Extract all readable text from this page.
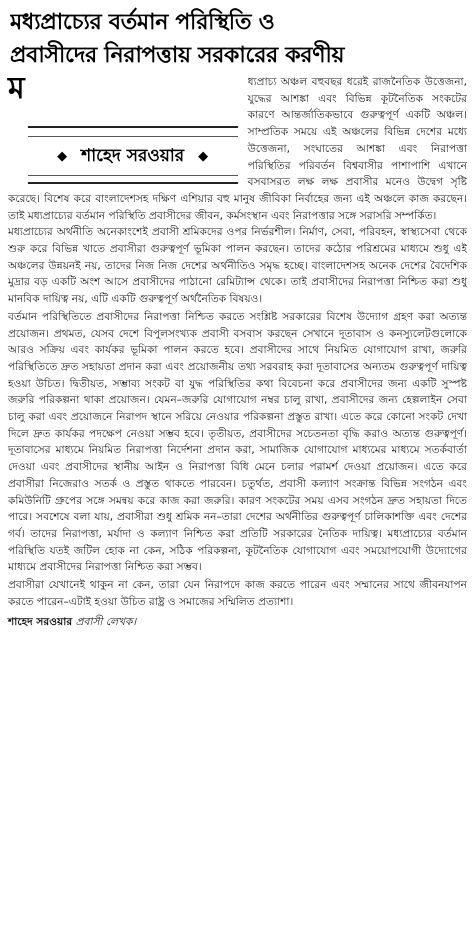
মধ্যপ্রাচ্যের বর্তমান পরিস্থিতি ও
প্রবাসীদের নিরাপত্তায় সরকারের করণীয়
ম
◆ শাহেদ সরওয়ার ◆
ধ্যপ্রাচ্য অঞ্চল বহুবছর ধরেই রাজনৈতিক উত্তেজনা, যুদ্ধের আশঙ্কা এবং বিভিন্ন কূটনৈতিক সংকটের কারণে আন্তর্জাতিকভাবে গুরুত্বপূর্ণ একটি অঞ্চল। সাম্প্রতিক সময়ে এই অঞ্চলের বিভিন্ন দেশের মধ্যে উত্তেজনা, সংঘাতের আশঙ্কা এবং নিরাপত্তা পরিস্থিতির পরিবর্তন বিশ্ববাসীর পাশাপাশি এখানে বসবাসরত লক্ষ লক্ষ প্রবাসীর মনেও উদ্বেগ সৃষ্টি করেছে। বিশেষ করে বাংলাদেশসহ দক্ষিণ এশিয়ার বহু মানুষ জীবিকা নির্বাহের জন্য এই অঞ্চলে কাজ করছেন। তাই মধ্যপ্রাচ্যের বর্তমান পরিস্থিতি প্রবাসীদের জীবন, কর্মসংস্থান এবং নিরাপত্তার সঙ্গে সরাসরি সম্পর্কিত।

মধ্যপ্রাচ্যের অর্থনীতি অনেকাংশেই প্রবাসী শ্রমিকদের ওপর নির্ভরশীল। নির্মাণ, সেবা, পরিবহন, স্বাস্থ্যসেবা থেকে শুরু করে বিভিন্ন খাতে প্রবাসীরা গুরুত্বপূর্ণ ভূমিকা পালন করছেন। তাদের কঠোর পরিশ্রমের মাধ্যমে শুধু এই অঞ্চলের উন্নয়নই নয়, তাদের নিজ নিজ দেশের অর্থনীতিও সমৃদ্ধ হচ্ছে। বাংলাদেশসহ অনেক দেশের বৈদেশিক মুদ্রার বড় একটি অংশ আসে প্রবাসীদের পাঠানো রেমিট্যান্স থেকে। তাই প্রবাসীদের নিরাপত্তা নিশ্চিত করা শুধু মানবিক দায়িত্ব নয়, এটি একটি গুরুত্বপূর্ণ অর্থনৈতিক বিষয়ও।

বর্তমান পরিস্থিতিতে প্রবাসীদের নিরাপত্তা নিশ্চিত করতে সংশ্লিষ্ট সরকারের বিশেষ উদ্যোগ গ্রহণ করা অত্যন্ত প্রয়োজন। প্রথমত, যেসব দেশে বিপুলসংখ্যক প্রবাসী বসবাস করছেন সেখানে দূতাবাস ও কনস্যুলেটগুলোকে আরও সক্রিয় এবং কার্যকর ভূমিকা পালন করতে হবে। প্রবাসীদের সাথে নিয়মিত যোগাযোগ রাখা, জরুরি পরিস্থিতিতে দ্রুত সহায়তা প্রদান করা এবং প্রয়োজনীয় তথ্য সরবরাহ করা দূতাবাসের অন্যতম গুরুত্বপূর্ণ দায়িত্ব হওয়া উচিত। দ্বিতীয়ত, সম্ভাব্য সংকট বা যুদ্ধ পরিস্থিতির কথা বিবেচনা করে প্রবাসীদের জন্য একটি সুস্পষ্ট জরুরি পরিকল্পনা থাকা প্রয়োজন। যেমন–জরুরি যোগাযোগ নম্বর চালু রাখা, প্রবাসীদের জন্য হেল্পলাইন সেবা চালু করা এবং প্রয়োজনে নিরাপদ স্থানে সরিয়ে নেওয়ার পরিকল্পনা প্রস্তুত রাখা। এতে করে কোনো সংকট দেখা দিলে দ্রুত কার্যকর পদক্ষেপ নেওয়া সম্ভব হবে। তৃতীয়ত, প্রবাসীদের সচেতনতা বৃদ্ধি করাও অত্যন্ত গুরুত্বপূর্ণ। দূতাবাসের মাধ্যমে নিয়মিত নিরাপত্তা নির্দেশনা প্রদান করা, সামাজিক যোগাযোগ মাধ্যমের মাধ্যমে সতর্কবার্তা দেওয়া এবং প্রবাসীদের স্থানীয় আইন ও নিরাপত্তা বিধি মেনে চলার পরামর্শ দেওয়া প্রয়োজন। এতে করে প্রবাসীরা নিজেরাও সতর্ক ও প্রস্তুত থাকতে পারবেন। চতুর্থত, প্রবাসী কল্যাণ সংক্রান্ত বিভিন্ন সংগঠন এবং কমিউনিটি গ্রুপের সঙ্গে সমন্বয় করে কাজ করা জরুরি। কারণ সংকটের সময় এসব সংগঠন দ্রুত সহায়তা দিতে পারে। সবশেষে বলা যায়, প্রবাসীরা শুধু শ্রমিক নন–তারা দেশের অর্থনীতির গুরুত্বপূর্ণ চালিকাশক্তি এবং দেশের গর্ব। তাদের নিরাপত্তা, মর্যাদা ও কল্যাণ নিশ্চিত করা প্রতিটি সরকারের নৈতিক দায়িত্ব। মধ্যপ্রাচ্যের বর্তমান পরিস্থিতি যতই জটিল হোক না কেন, সঠিক পরিকল্পনা, কূটনৈতিক যোগাযোগ এবং সময়োপযোগী উদ্যোগের মাধ্যমে প্রবাসীদের নিরাপত্তা নিশ্চিত করা সম্ভব।

প্রবাসীরা যেখানেই থাকুন না কেন, তারা যেন নিরাপদে কাজ করতে পারেন এবং সম্মানের সাথে জীবনযাপন করতে পারেন–এটাই হওয়া উচিত রাষ্ট্র ও সমাজের সম্মিলিত প্রত্যাশা।

শাহেদ সরওয়ার প্রবাসী লেখক।
